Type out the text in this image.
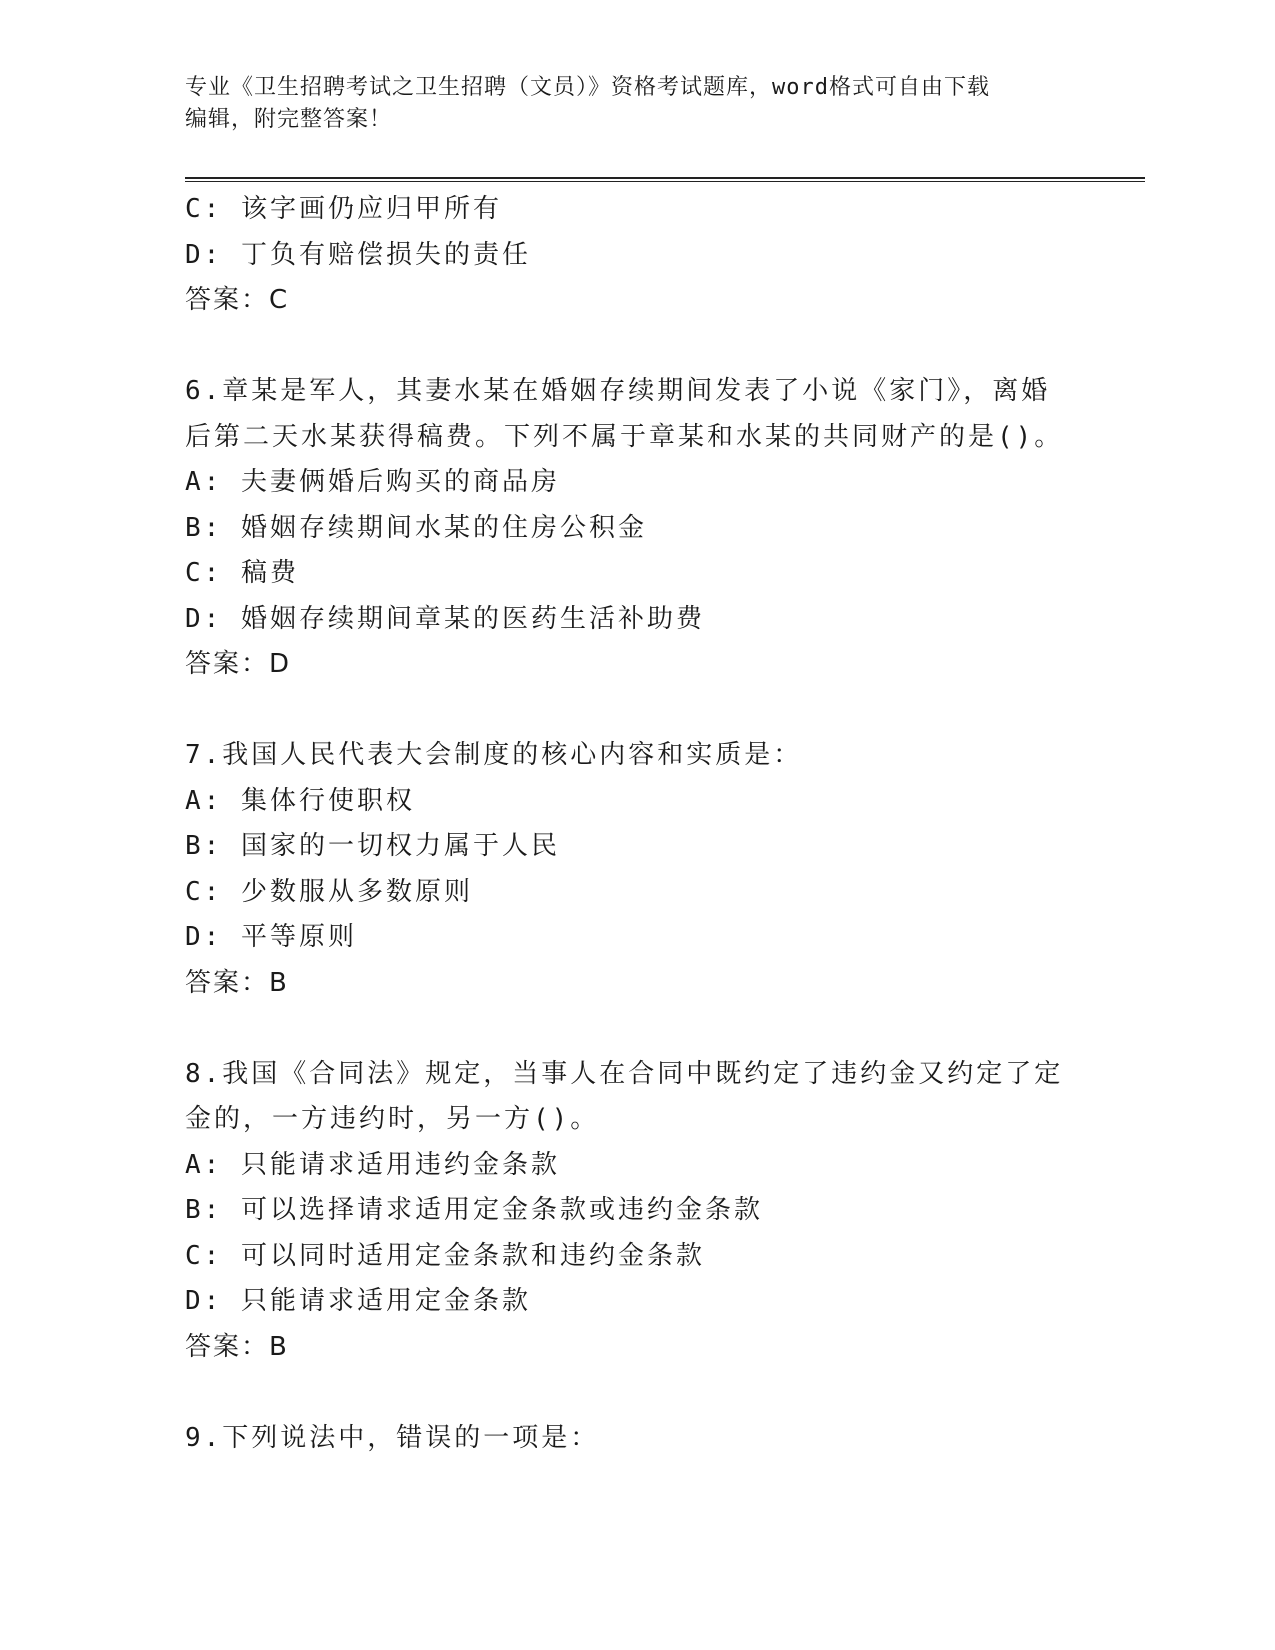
专业《卫生招聘考试之卫生招聘（文员）》资格考试题库，word格式可自由下载

编辑，附完整答案！

C: 该字画仍应归甲所有

D: 丁负有赔偿损失的责任

答案：C

6.章某是军人，其妻水某在婚姻存续期间发表了小说《家门》，离婚

后第二天水某获得稿费。下列不属于章某和水某的共同财产的是()。

A: 夫妻俩婚后购买的商品房

B: 婚姻存续期间水某的住房公积金

C: 稿费

D: 婚姻存续期间章某的医药生活补助费

答案：D

7.我国人民代表大会制度的核心内容和实质是：

A: 集体行使职权

B: 国家的一切权力属于人民

C: 少数服从多数原则

D: 平等原则

答案：B

8.我国《合同法》规定，当事人在合同中既约定了违约金又约定了定

金的，一方违约时，另一方()。

A: 只能请求适用违约金条款

B: 可以选择请求适用定金条款或违约金条款

C: 可以同时适用定金条款和违约金条款

D: 只能请求适用定金条款

答案：B

9.下列说法中，错误的一项是：
